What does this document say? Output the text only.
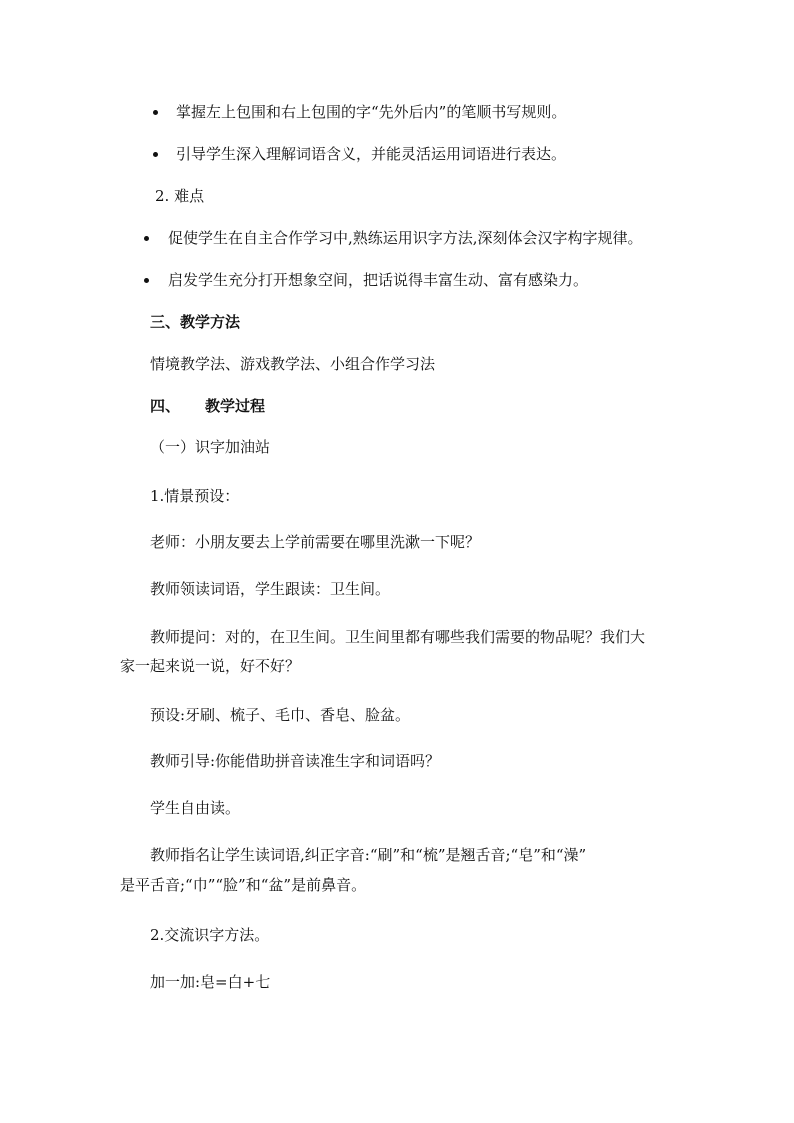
掌握左上包围和右上包围的字“先外后内”的笔顺书写规则。
引导学生深入理解词语含义，并能灵活运用词语进行表达。
2. 难点
促使学生在自主合作学习中,熟练运用识字方法,深刻体会汉字构字规律。
启发学生充分打开想象空间，把话说得丰富生动、富有感染力。
三、教学方法
情境教学法、游戏教学法、小组合作学习法
四、 教学过程
（一）识字加油站
1.情景预设：
老师：小朋友要去上学前需要在哪里洗漱一下呢？
教师领读词语，学生跟读：卫生间。
教师提问：对的，在卫生间。卫生间里都有哪些我们需要的物品呢？我们大
家一起来说一说，好不好？
预设:牙刷、梳子、毛巾、香皂、脸盆。
教师引导:你能借助拼音读准生字和词语吗？
学生自由读。
教师指名让学生读词语,纠正字音:“刷”和“梳”是翘舌音;“皂”和“澡”
是平舌音;“巾”“脸”和“盆”是前鼻音。
2.交流识字方法。
加一加:皂=白+七
